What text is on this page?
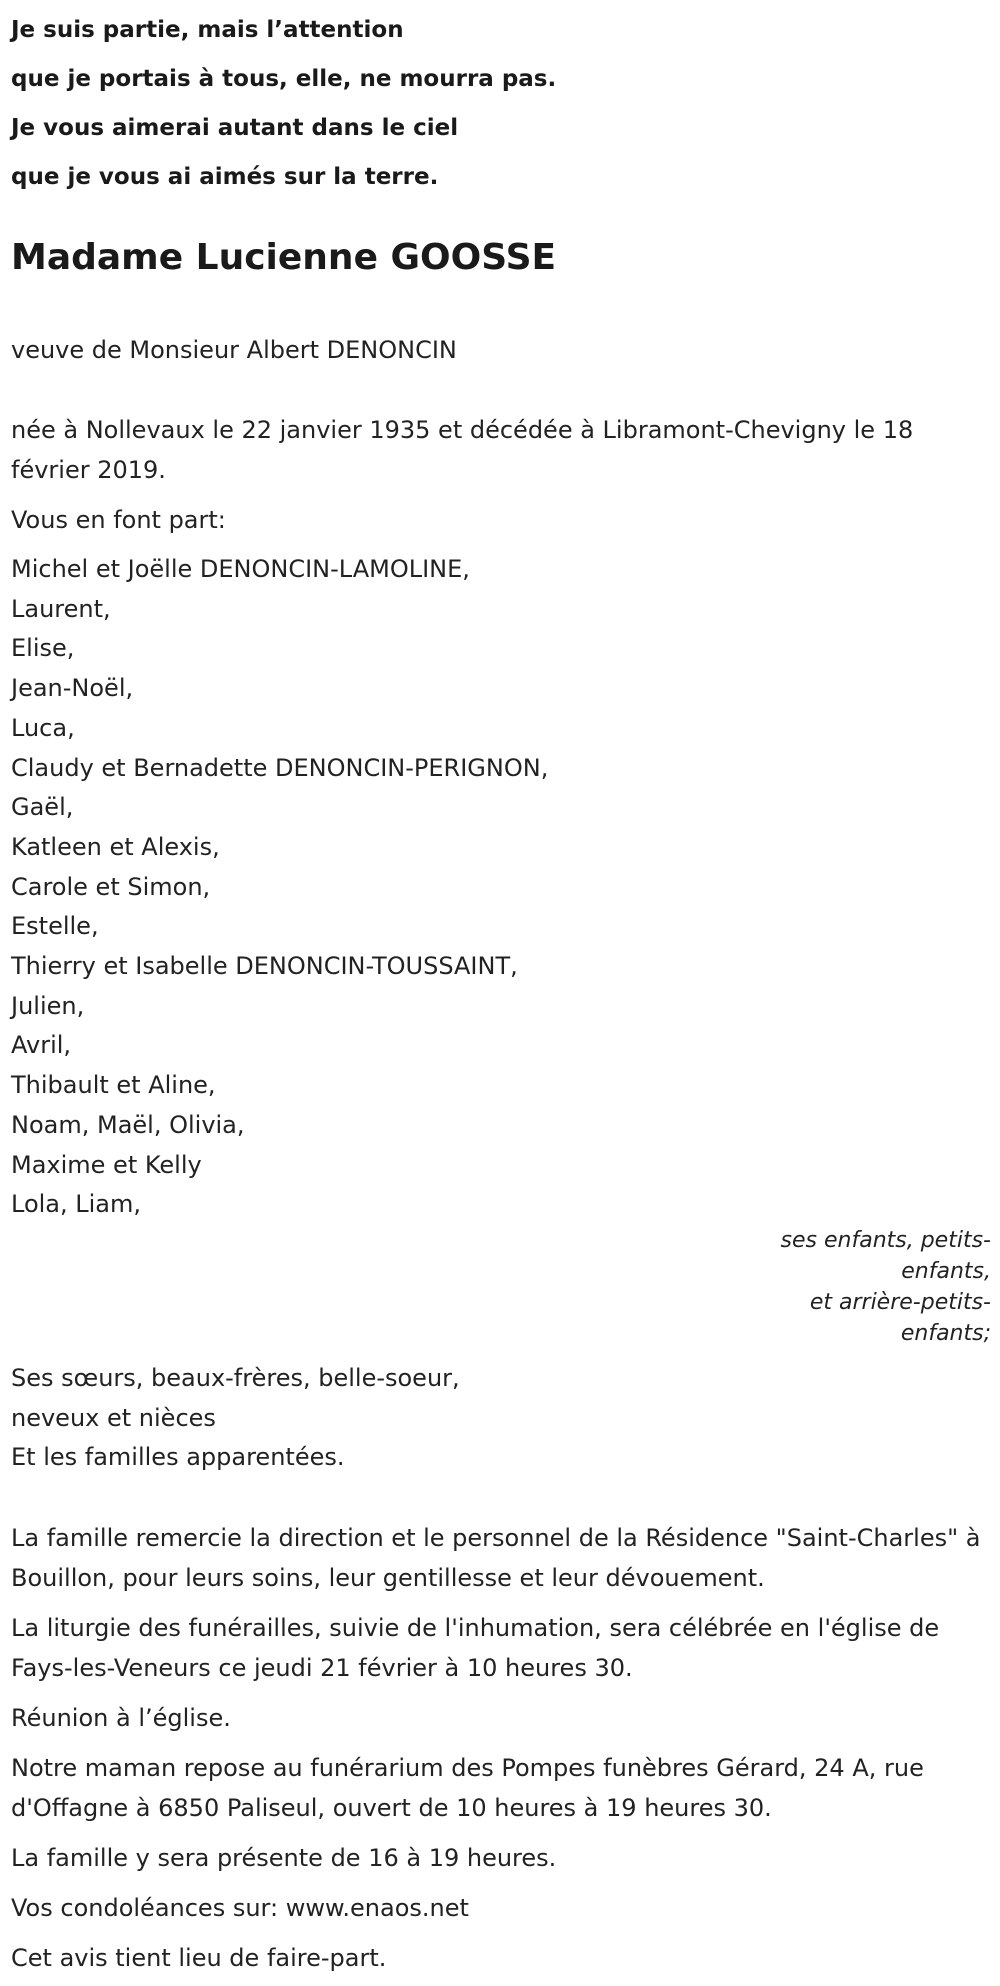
Je suis partie, mais l’attention

que je portais à tous, elle, ne mourra pas.

Je vous aimerai autant dans le ciel

que je vous ai aimés sur la terre.

Madame Lucienne GOOSSE

veuve de Monsieur Albert DENONCIN

née à Nollevaux le 22 janvier 1935 et décédée à Libramont-Chevigny le 18 février 2019.

Vous en font part:

Michel et Joëlle DENONCIN-LAMOLINE,

Laurent,

Elise,

Jean-Noël,

Luca,

Claudy et Bernadette DENONCIN-PERIGNON,

Gaël,

Katleen et Alexis,

Carole et Simon,

Estelle,

Thierry et Isabelle DENONCIN-TOUSSAINT,

Julien,

Avril,

Thibault et Aline,

Noam, Maël, Olivia,

Maxime et Kelly

Lola, Liam,

ses enfants, petits-

enfants,

et arrière-petits-

enfants;

Ses sœurs, beaux-frères, belle-soeur,

neveux et nièces

Et les familles apparentées.

La famille remercie la direction et le personnel de la Résidence "Saint-Charles" à Bouillon, pour leurs soins, leur gentillesse et leur dévouement.

La liturgie des funérailles, suivie de l'inhumation, sera célébrée en l'église de Fays-les-Veneurs ce jeudi 21 février à 10 heures 30.

Réunion à l’église.

Notre maman repose au funérarium des Pompes funèbres Gérard, 24 A, rue d'Offagne à 6850 Paliseul, ouvert de 10 heures à 19 heures 30.

La famille y sera présente de 16 à 19 heures.

Vos condoléances sur: www.enaos.net

Cet avis tient lieu de faire-part.
